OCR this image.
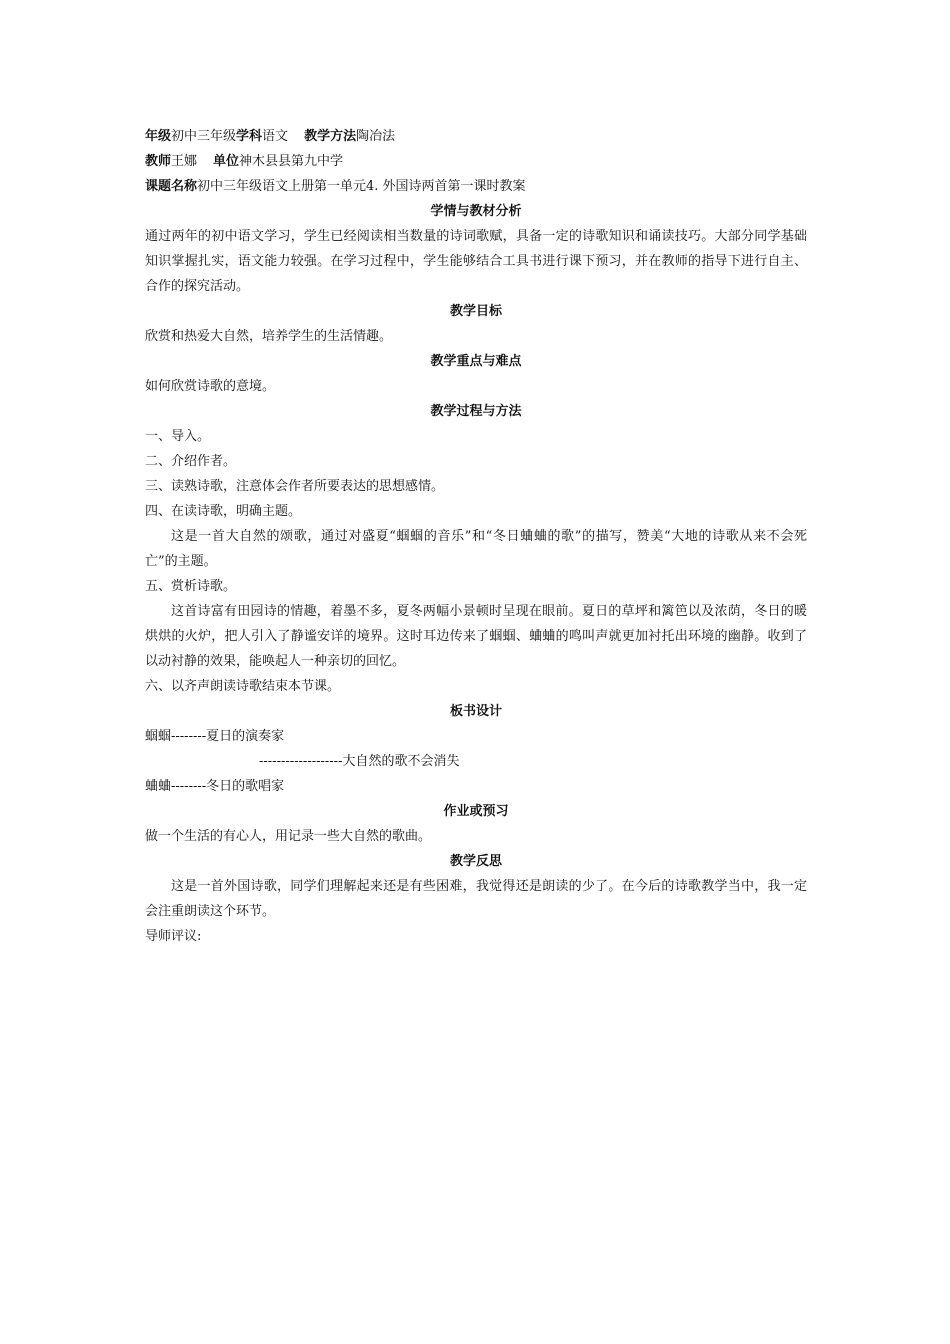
年级初中三年级学科语文 教学方法陶冶法
教师王娜 单位神木县县第九中学
课题名称初中三年级语文上册第一单元4. 外国诗两首第一课时教案
学情与教材分析
通过两年的初中语文学习，学生已经阅读相当数量的诗词歌赋，具备一定的诗歌知识和诵读技巧。大部分同学基础知识掌握扎实，语文能力较强。在学习过程中，学生能够结合工具书进行课下预习，并在教师的指导下进行自主、合作的探究活动。
教学目标
欣赏和热爱大自然，培养学生的生活情趣。
教学重点与难点
如何欣赏诗歌的意境。
教学过程与方法
一、导入。
二、介绍作者。
三、读熟诗歌，注意体会作者所要表达的思想感情。
四、在读诗歌，明确主题。
这是一首大自然的颂歌，通过对盛夏“蝈蝈的音乐”和“冬日蛐蛐的歌”的描写，赞美“大地的诗歌从来不会死亡”的主题。
五、赏析诗歌。
这首诗富有田园诗的情趣，着墨不多，夏冬两幅小景顿时呈现在眼前。夏日的草坪和篱笆以及浓荫，冬日的暖烘烘的火炉，把人引入了静谧安详的境界。这时耳边传来了蝈蝈、蛐蛐的鸣叫声就更加衬托出环境的幽静。收到了以动衬静的效果，能唤起人一种亲切的回忆。
六、以齐声朗读诗歌结束本节课。
板书设计
蝈蝈--------夏日的演奏家
-------------------大自然的歌不会消失
蛐蛐--------冬日的歌唱家
作业或预习
做一个生活的有心人，用记录一些大自然的歌曲。
教学反思
这是一首外国诗歌，同学们理解起来还是有些困难，我觉得还是朗读的少了。在今后的诗歌教学当中，我一定会注重朗读这个环节。
导师评议:
